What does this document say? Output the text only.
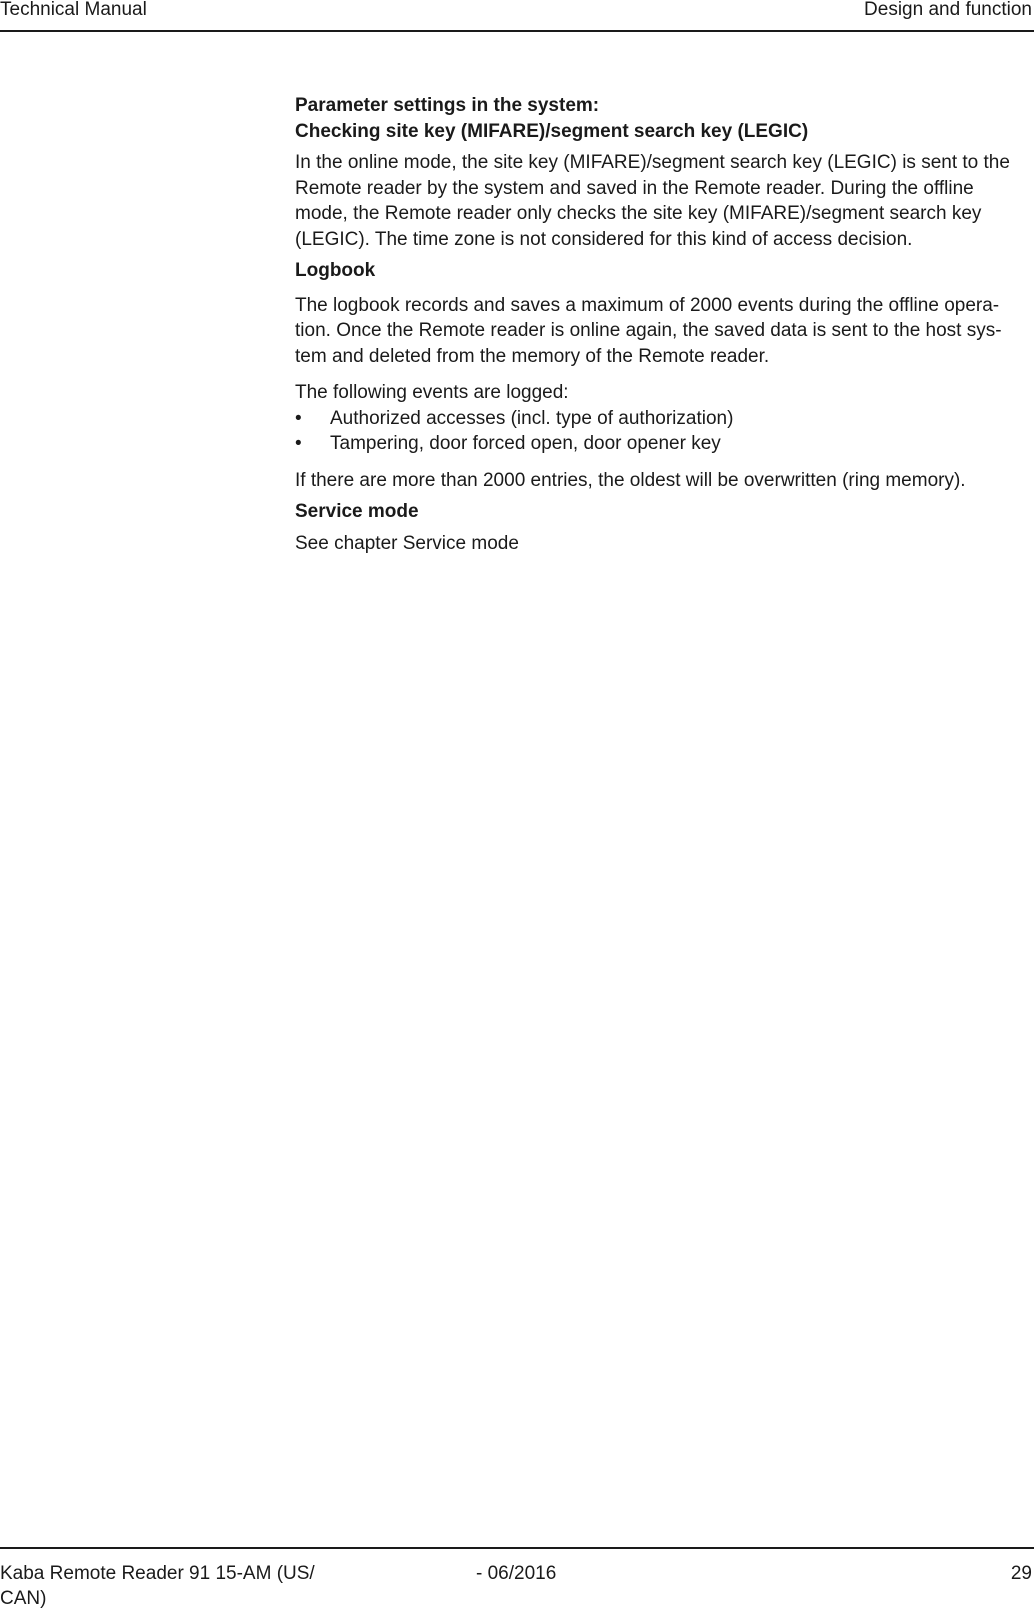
Technical Manual	Design and function

Parameter settings in the system:

Checking site key (MIFARE)/segment search key (LEGIC)

In the online mode, the site key (MIFARE)/segment search key (LEGIC) is sent to the
Remote reader by the system and saved in the Remote reader. During the offline
mode, the Remote reader only checks the site key (MIFARE)/segment search key
(LEGIC). The time zone is not considered for this kind of access decision.

Logbook

The logbook records and saves a maximum of 2000 events during the offline opera-
tion. Once the Remote reader is online again, the saved data is sent to the host sys-
tem and deleted from the memory of the Remote reader.

The following events are logged:

• Authorized accesses (incl. type of authorization)
• Tampering, door forced open, door opener key

If there are more than 2000 entries, the oldest will be overwritten (ring memory).

Service mode

See chapter Service mode

Kaba Remote Reader 91 15-AM (US/
CAN)
- 06/2016	29
